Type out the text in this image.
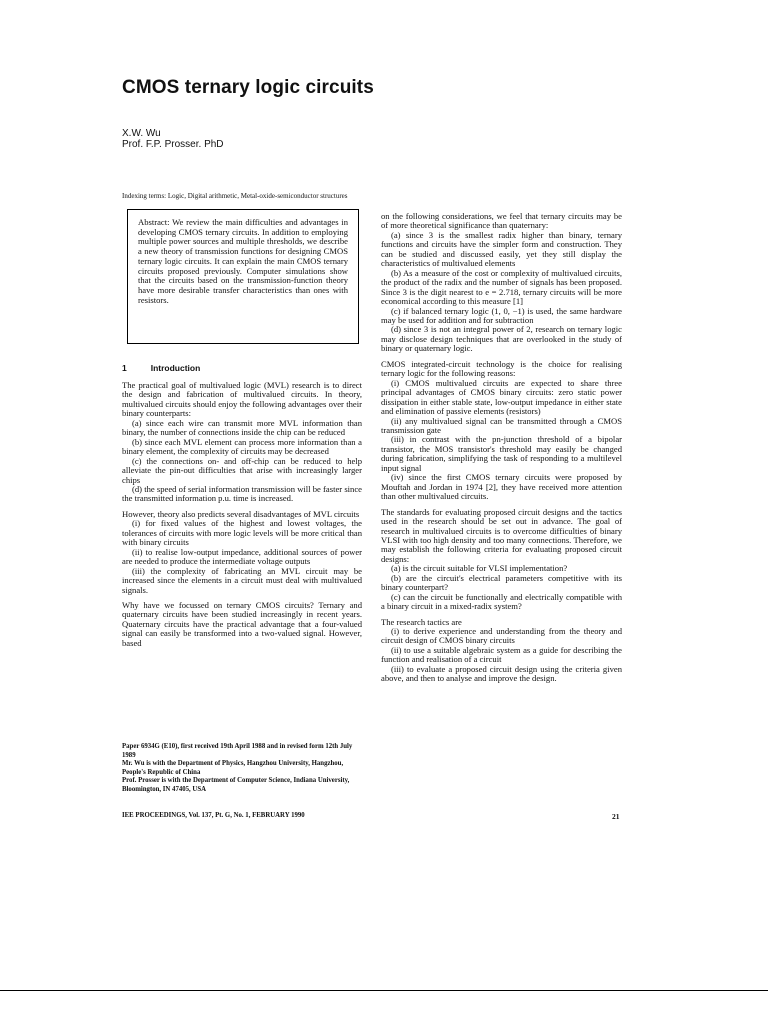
CMOS ternary logic circuits
X.W. Wu
Prof. F.P. Prosser. PhD
Indexing terms: Logic, Digital arithmetic, Metal-oxide-semiconductor structures
Abstract: We review the main difficulties and advantages in developing CMOS ternary circuits. In addition to employing multiple power sources and multiple thresholds, we describe a new theory of transmission functions for designing CMOS ternary logic circuits. It can explain the main CMOS ternary circuits proposed previously. Computer simulations show that the circuits based on the transmission-function theory have more desirable transfer characteristics than ones with resistors.
1	Introduction

The practical goal of multivalued logic (MVL) research is to direct the design and fabrication of multivalued circuits. In theory, multivalued circuits should enjoy the following advantages over their binary counterparts:

(a) since each wire can transmit more MVL information than binary, the number of connections inside the chip can be reduced

(b) since each MVL element can process more information than a binary element, the complexity of circuits may be decreased

(c) the connections on- and off-chip can be reduced to help alleviate the pin-out difficulties that arise with increasingly larger chips

(d) the speed of serial information transmission will be faster since the transmitted information p.u. time is increased.

However, theory also predicts several disadvantages of MVL circuits

(i) for fixed values of the highest and lowest voltages, the tolerances of circuits with more logic levels will be more critical than with binary circuits

(ii) to realise low-output impedance, additional sources of power are needed to produce the intermediate voltage outputs

(iii) the complexity of fabricating an MVL circuit may be increased since the elements in a circuit must deal with multivalued signals.

Why have we focussed on ternary CMOS circuits? Ternary and quaternary circuits have been studied increasingly in recent years. Quaternary circuits have the practical advantage that a four-valued signal can easily be transformed into a two-valued signal. However, based

Paper 6934G (E10), first received 19th April 1988 and in revised form 12th July 1989
Mr. Wu is with the Department of Physics, Hangzhou University, Hangzhou, People's Republic of China
Prof. Prosser is with the Department of Computer Science, Indiana University, Bloomington, IN 47405, USA

on the following considerations, we feel that ternary circuits may be of more theoretical significance than quaternary:

(a) since 3 is the smallest radix higher than binary, ternary functions and circuits have the simpler form and construction. They can be studied and discussed easily, yet they still display the characteristics of multivalued elements

(b) As a measure of the cost or complexity of multivalued circuits, the product of the radix and the number of signals has been proposed. Since 3 is the digit nearest to e = 2.718, ternary circuits will be more economical according to this measure [1]

(c) if balanced ternary logic (1, 0, −1) is used, the same hardware may be used for addition and for subtraction

(d) since 3 is not an integral power of 2, research on ternary logic may disclose design techniques that are overlooked in the study of binary or quaternary logic.

CMOS integrated-circuit technology is the choice for realising ternary logic for the following reasons:

(i) CMOS multivalued circuits are expected to share three principal advantages of CMOS binary circuits: zero static power dissipation in either stable state, low-output impedance in either state and elimination of passive elements (resistors)

(ii) any multivalued signal can be transmitted through a CMOS transmission gate

(iii) in contrast with the pn-junction threshold of a bipolar transistor, the MOS transistor's threshold may easily be changed during fabrication, simplifying the task of responding to a multilevel input signal

(iv) since the first CMOS ternary circuits were proposed by Mouftah and Jordan in 1974 [2], they have received more attention than other multivalued circuits.

The standards for evaluating proposed circuit designs and the tactics used in the research should be set out in advance. The goal of research in multivalued circuits is to overcome difficulties of binary VLSI with too high density and too many connections. Therefore, we may establish the following criteria for evaluating proposed circuit designs:

(a) is the circuit suitable for VLSI implementation?

(b) are the circuit's electrical parameters competitive with its binary counterpart?

(c) can the circuit be functionally and electrically compatible with a binary circuit in a mixed-radix system?

The research tactics are

(i) to derive experience and understanding from the theory and circuit design of CMOS binary circuits

(ii) to use a suitable algebraic system as a guide for describing the function and realisation of a circuit

(iii) to evaluate a proposed circuit design using the criteria given above, and then to analyse and improve the design.

IEE PROCEEDINGS, Vol. 137, Pt. G, No. 1, FEBRUARY 1990	21
